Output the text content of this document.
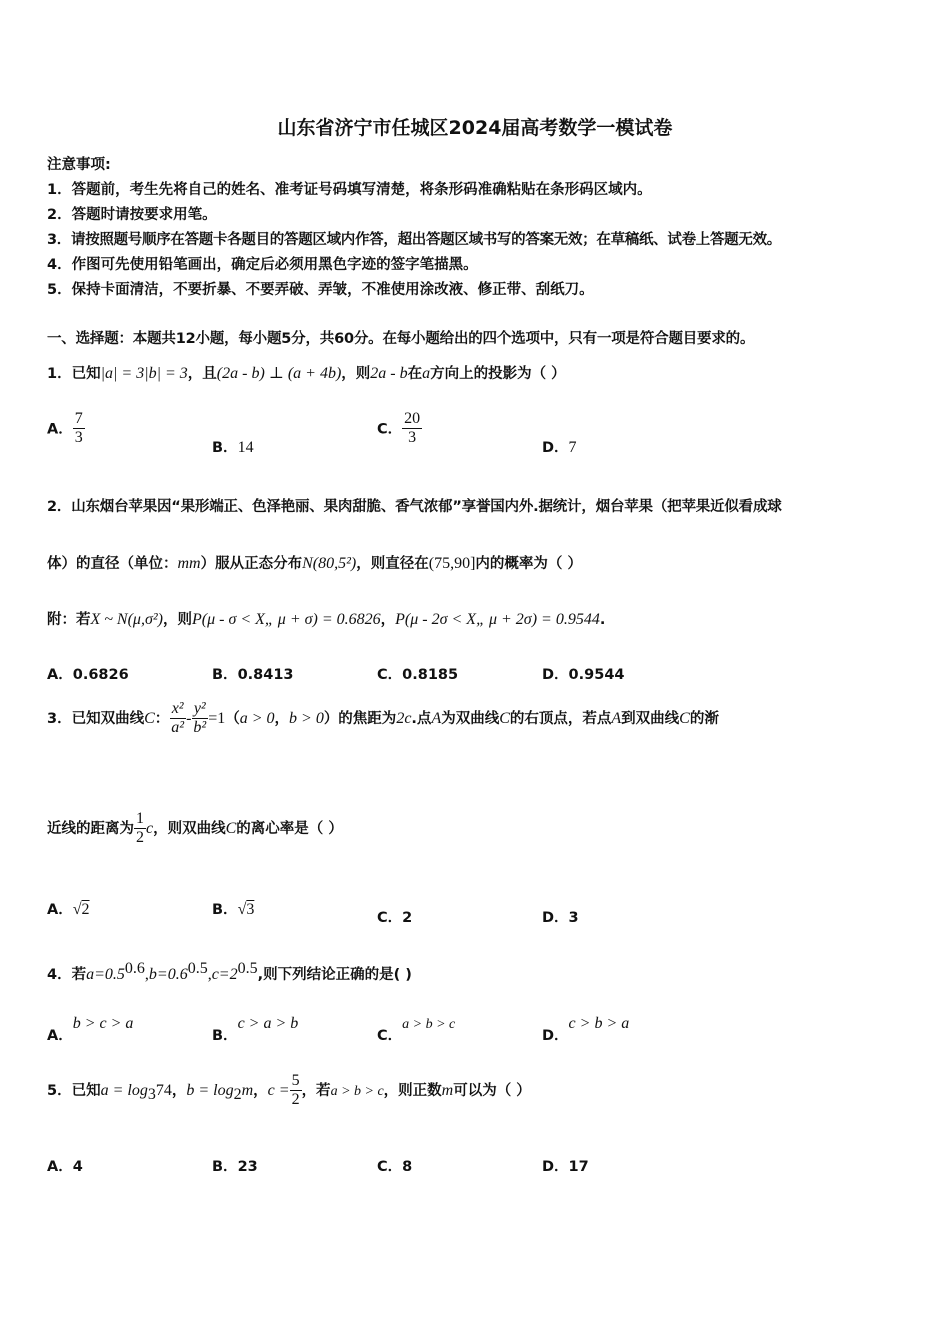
山东省济宁市任城区2024届高考数学一模试卷
注意事项:
1．答题前，考生先将自己的姓名、准考证号码填写清楚，将条形码准确粘贴在条形码区域内。
2．答题时请按要求用笔。
3．请按照题号顺序在答题卡各题目的答题区域内作答，超出答题区域书写的答案无效；在草稿纸、试卷上答题无效。
4．作图可先使用铅笔画出，确定后必须用黑色字迹的签字笔描黑。
5．保持卡面清洁，不要折暴、不要弄破、弄皱，不准使用涂改液、修正带、刮纸刀。
一、选择题：本题共12小题，每小题5分，共60分。在每小题给出的四个选项中，只有一项是符合题目要求的。
1．已知|a| = 3|b| = 3，且(2a - b) ⊥ (a + 4b)，则2a - b在a方向上的投影为（ ）
A． $\frac{7}{3}$
B．14
C． $\frac{20}{3}$
D．7
2．山东烟台苹果因“果形端正、色泽艳丽、果肉甜脆、香气浓郁”享誉国内外.据统计，烟台苹果（把苹果近似看成球
体）的直径（单位：mm）服从正态分布N(80,5²)，则直径在(75,90]内的概率为（ ）
附：若X ~ N(μ,σ²)，则P(μ - σ < X„ μ + σ) = 0.6826，P(μ - 2σ < X„ μ + 2σ) = 0.9544.
A．0.6826	B．0.8413	C．0.8185	D．0.9544
3．已知双曲线C： $\frac{\text{x²}}{\text{a²}} - \frac{\text{y²}}{\text{b²}} =1(a > 0$，b > 0）的焦距为2c.点A为双曲线C的右顶点，若点A到双曲线C的渐
近线的距离为 $\frac{1}{2}$ c，则双曲线C的离心率是（ ）
A．√2	B．√3	C．2	D．3
4．若$a=0.5^{0.6},b=0.6^{0.5},c=2^{0.5}$,则下列结论正确的是( )
A．b > c > a
B．c > a > b
C．a > b > c
D．c > b > a
5．已知$a = \log_374$，$b = \log_2m$，$c = \frac{5}{2}$ ，若a > b > c，则正数m可以为（ ）
A．4	B．23	C．8	D．17
